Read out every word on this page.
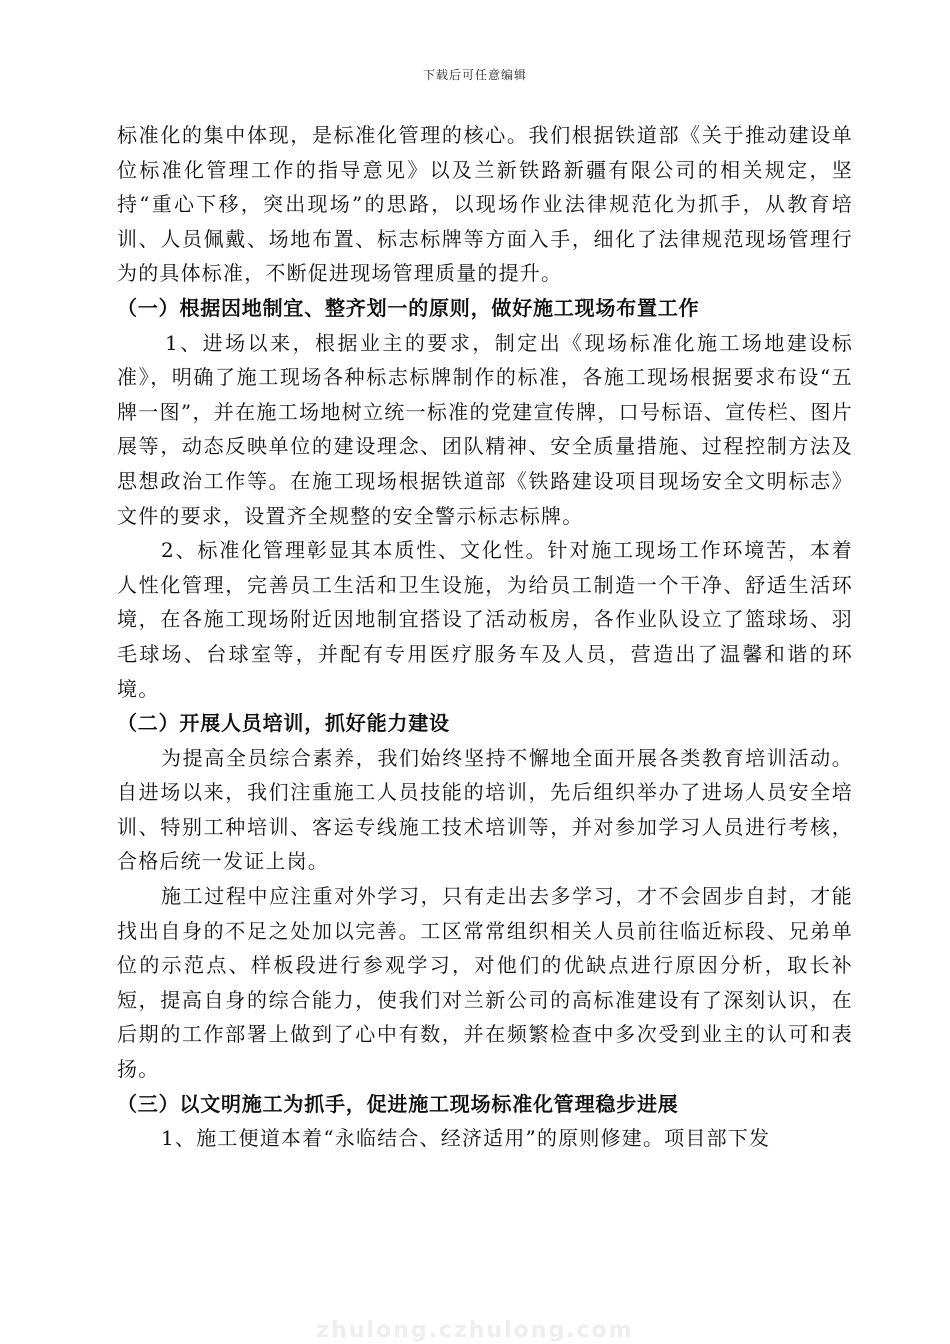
下载后可任意编辑

标准化的集中体现，是标准化管理的核心。我们根据铁道部《关于推动建设单位标准化管理工作的指导意见》以及兰新铁路新疆有限公司的相关规定，坚持“重心下移，突出现场”的思路，以现场作业法律规范化为抓手，从教育培训、人员佩戴、场地布置、标志标牌等方面入手，细化了法律规范现场管理行为的具体标准，不断促进现场管理质量的提升。

（一）根据因地制宜、整齐划一的原则，做好施工现场布置工作

1、进场以来，根据业主的要求，制定出《现场标准化施工场地建设标准》，明确了施工现场各种标志标牌制作的标准，各施工现场根据要求布设“五牌一图”，并在施工场地树立统一标准的党建宣传牌，口号标语、宣传栏、图片展等，动态反映单位的建设理念、团队精神、安全质量措施、过程控制方法及思想政治工作等。在施工现场根据铁道部《铁路建设项目现场安全文明标志》文件的要求，设置齐全规整的安全警示标志标牌。

2、标准化管理彰显其本质性、文化性。针对施工现场工作环境苦，本着人性化管理，完善员工生活和卫生设施，为给员工制造一个干净、舒适生活环境，在各施工现场附近因地制宜搭设了活动板房，各作业队设立了篮球场、羽毛球场、台球室等，并配有专用医疗服务车及人员，营造出了温馨和谐的环境。

（二）开展人员培训，抓好能力建设

为提高全员综合素养，我们始终坚持不懈地全面开展各类教育培训活动。自进场以来，我们注重施工人员技能的培训，先后组织举办了进场人员安全培训、特别工种培训、客运专线施工技术培训等，并对参加学习人员进行考核，合格后统一发证上岗。

施工过程中应注重对外学习，只有走出去多学习，才不会固步自封，才能找出自身的不足之处加以完善。工区常常组织相关人员前往临近标段、兄弟单位的示范点、样板段进行参观学习，对他们的优缺点进行原因分析，取长补短，提高自身的综合能力，使我们对兰新公司的高标准建设有了深刻认识，在后期的工作部署上做到了心中有数，并在频繁检查中多次受到业主的认可和表扬。

（三）以文明施工为抓手，促进施工现场标准化管理稳步进展

1、施工便道本着“永临结合、经济适用”的原则修建。项目部下发

zhulong.czhulong.com
